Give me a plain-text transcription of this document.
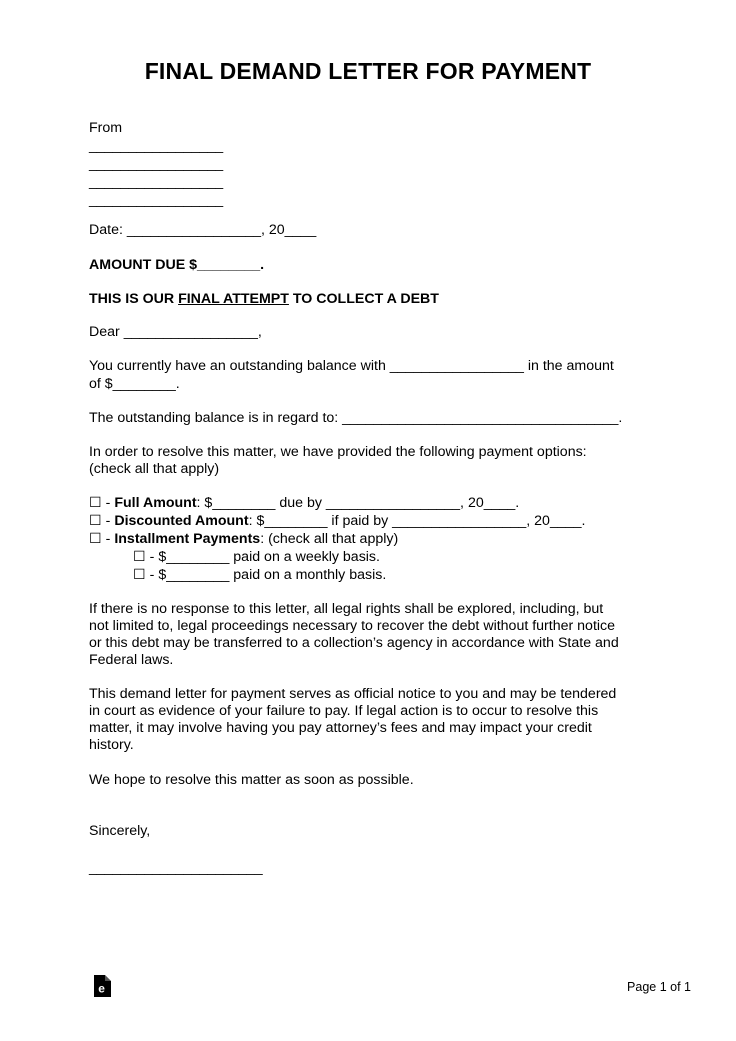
FINAL DEMAND LETTER FOR PAYMENT
From
_________________
_________________
_________________
_________________
Date: _________________, 20____
AMOUNT DUE $________.
THIS IS OUR FINAL ATTEMPT TO COLLECT A DEBT
Dear _________________,
You currently have an outstanding balance with _________________ in the amount
of $________.
The outstanding balance is in regard to: ___________________________________.
In order to resolve this matter, we have provided the following payment options:
(check all that apply)
☐ - Full Amount: $________ due by _________________, 20____.
☐ - Discounted Amount: $________ if paid by _________________, 20____.
☐ - Installment Payments: (check all that apply)
☐ - $________ paid on a weekly basis.
☐ - $________ paid on a monthly basis.
If there is no response to this letter, all legal rights shall be explored, including, but
not limited to, legal proceedings necessary to recover the debt without further notice
or this debt may be transferred to a collection’s agency in accordance with State and
Federal laws.
This demand letter for payment serves as official notice to you and may be tendered
in court as evidence of your failure to pay. If legal action is to occur to resolve this
matter, it may involve having you pay attorney’s fees and may impact your credit
history.
We hope to resolve this matter as soon as possible.
Sincerely,
______________________
e	Page 1 of 1
